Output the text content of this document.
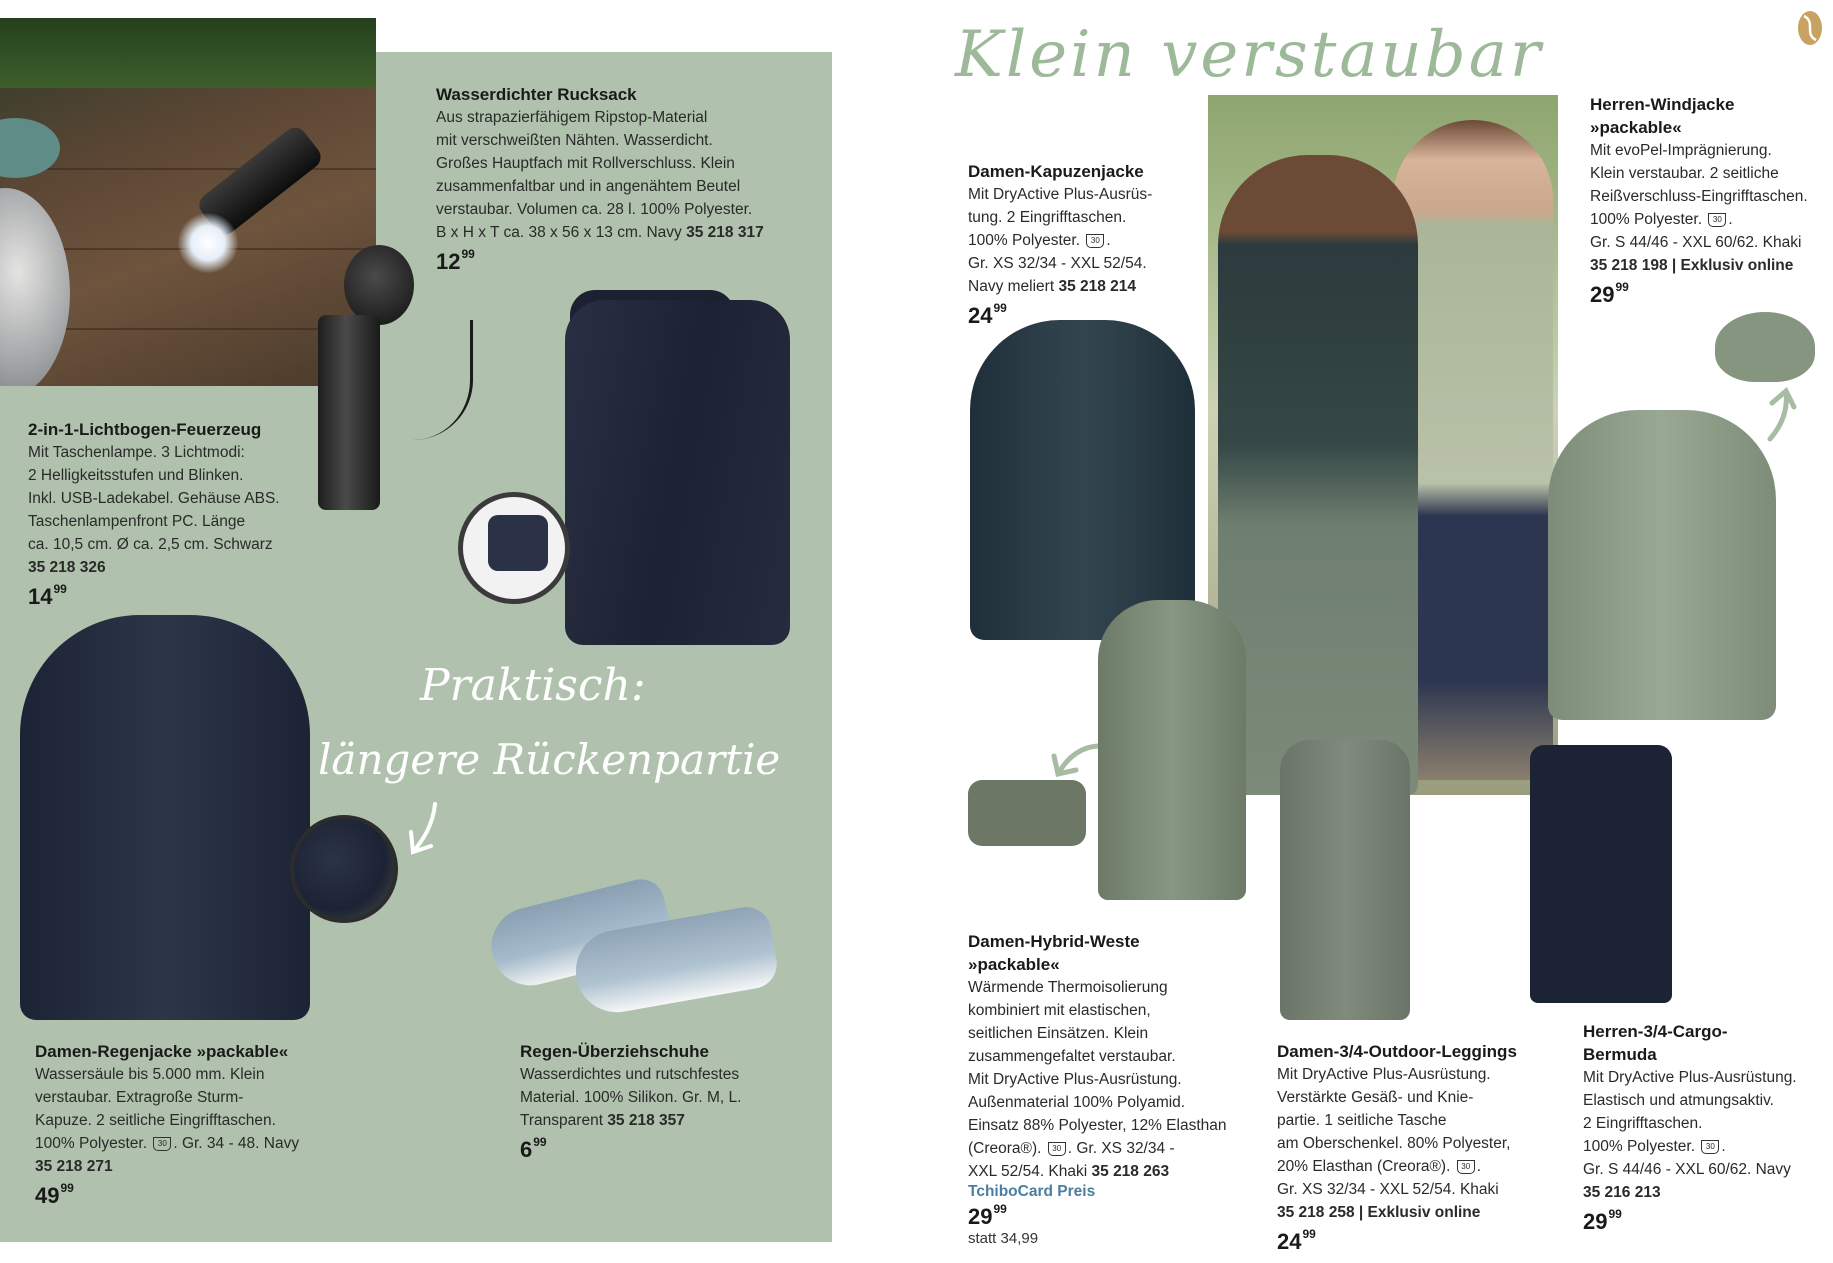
Praktisch:
längere Rückenpartie
Wasserdichter Rucksack
Aus strapazierfähigem Ripstop-Material
mit verschweißten Nähten. Wasserdicht.
Großes Hauptfach mit Rollverschluss. Klein
zusammenfaltbar und in angenähtem Beutel
verstaubar. Volumen ca. 28 l. 100% Polyester.
B x H x T ca. 38 x 56 x 13 cm. Navy 35 218 317
$12^{99}$
2-in-1-Lichtbogen-Feuerzeug
Mit Taschenlampe. 3 Lichtmodi:
2 Helligkeitsstufen und Blinken.
Inkl. USB-Ladekabel. Gehäuse ABS.
Taschenlampenfront PC. Länge
ca. 10,5 cm. Ø ca. 2,5 cm. Schwarz
35 218 326
$14^{99}$
Damen-Regenjacke »packable«
Wassersäule bis 5.000 mm. Klein
verstaubar. Extragroße Sturm-
Kapuze. 2 seitliche Eingrifftaschen.
100% Polyester. 30 . Gr. 34 - 48. Navy
35 218 271
$49^{99}$
Regen-Überziehschuhe
Wasserdichtes und rutschfestes
Material. 100% Silikon. Gr. M, L.
Transparent 35 218 357
$6^{99}$
Klein verstaubar
Damen-Kapuzenjacke
Mit DryActive Plus-Ausrüs-
tung. 2 Eingrifftaschen.
100% Polyester. 30 .
Gr. XS 32/34 - XXL 52/54.
Navy meliert 35 218 214
$24^{99}$
Herren-Windjacke
»packable«
Mit evoPel-Imprägnierung.
Klein verstaubar. 2 seitliche
Reißverschluss-Eingrifftaschen.
100% Polyester. 30 .
Gr. S 44/46 - XXL 60/62. Khaki
35 218 198 | Exklusiv online
$29^{99}$
Damen-Hybrid-Weste
»packable«
Wärmende Thermoisolierung
kombiniert mit elastischen,
seitlichen Einsätzen. Klein
zusammengefaltet verstaubar.
Mit DryActive Plus-Ausrüstung.
Außenmaterial 100% Polyamid.
Einsatz 88% Polyester, 12% Elasthan
(Creora®). 30 . Gr. XS 32/34 -
XXL 52/54. Khaki 35 218 263
TchiboCard Preis
$29^{99}$
statt 34,99
Damen-3/4-Outdoor-Leggings
Mit DryActive Plus-Ausrüstung.
Verstärkte Gesäß- und Knie-
partie. 1 seitliche Tasche
am Oberschenkel. 80% Polyester,
20% Elasthan (Creora®). 30 .
Gr. XS 32/34 - XXL 52/54. Khaki
35 218 258 | Exklusiv online
$24^{99}$
Herren-3/4-Cargo-
Bermuda
Mit DryActive Plus-Ausrüstung.
Elastisch und atmungsaktiv.
2 Eingrifftaschen.
100% Polyester. 30 .
Gr. S 44/46 - XXL 60/62. Navy
35 216 213
$29^{99}$
